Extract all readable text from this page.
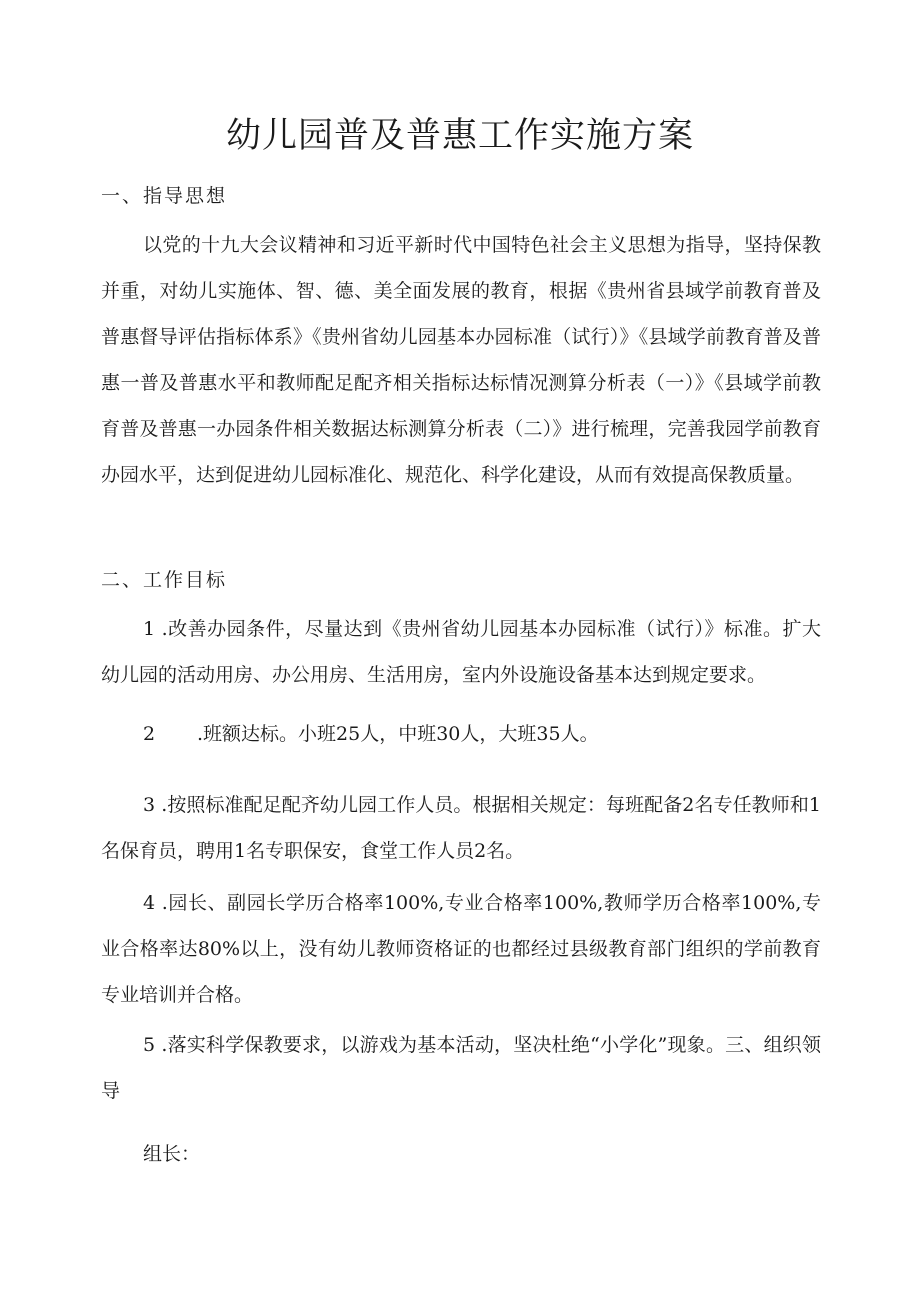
幼儿园普及普惠工作实施方案

一、指导思想

以党的十九大会议精神和习近平新时代中国特色社会主义思想为指导，坚持保教并重，对幼儿实施体、智、德、美全面发展的教育，根据《贵州省县域学前教育普及普惠督导评估指标体系》《贵州省幼儿园基本办园标准（试行）》《县域学前教育普及普惠一普及普惠水平和教师配足配齐相关指标达标情况测算分析表（一）》《县域学前教育普及普惠一办园条件相关数据达标测算分析表（二）》进行梳理，完善我园学前教育办园水平，达到促进幼儿园标准化、规范化、科学化建设，从而有效提高保教质量。

二、工作目标

1 .改善办园条件，尽量达到《贵州省幼儿园基本办园标准（试行）》标准。扩大幼儿园的活动用房、办公用房、生活用房，室内外设施设备基本达到规定要求。

2 .班额达标。小班25人，中班30人，大班35人。

3 .按照标准配足配齐幼儿园工作人员。根据相关规定：每班配备2名专任教师和1名保育员，聘用1名专职保安，食堂工作人员2名。

4 .园长、副园长学历合格率100%,专业合格率100%,教师学历合格率100%,专业合格率达80%以上，没有幼儿教师资格证的也都经过县级教育部门组织的学前教育专业培训并合格。

5 .落实科学保教要求，以游戏为基本活动，坚决杜绝“小学化”现象。三、组织领导

组长：
